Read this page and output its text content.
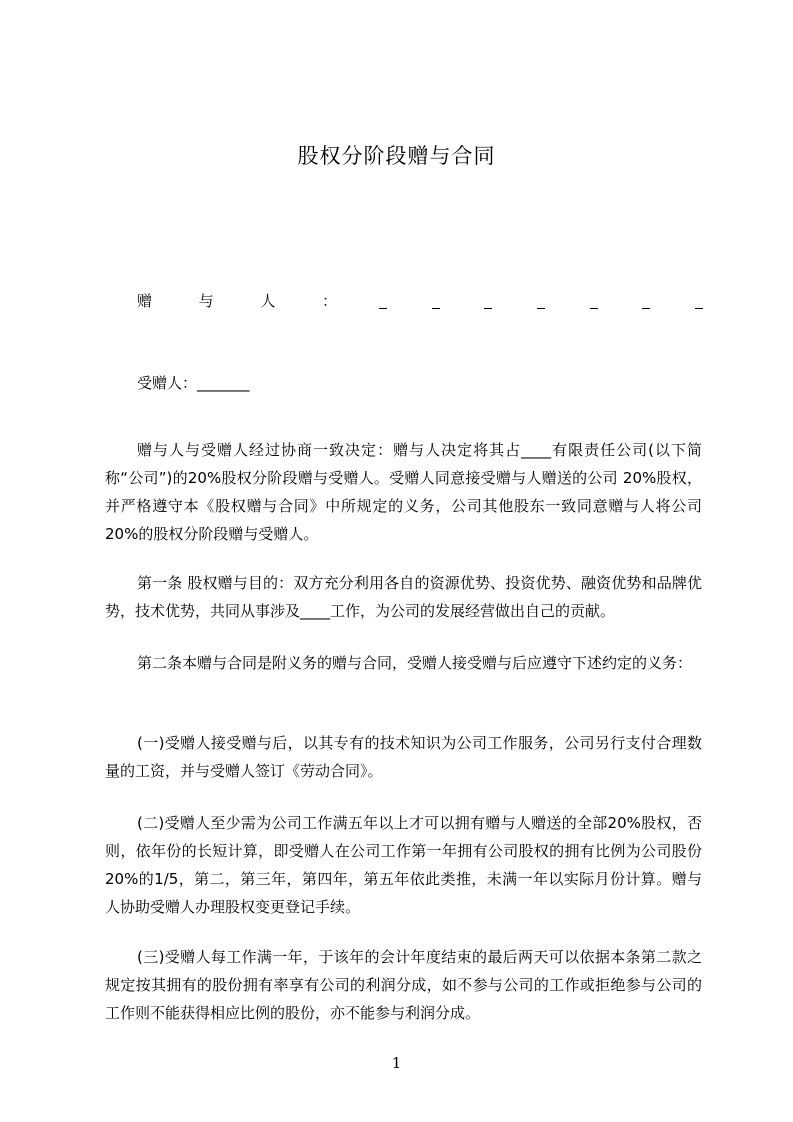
股权分阶段赠与合同
赠	与	人	：
受赠人：_______

赠与人与受赠人经过协商一致决定：赠与人决定将其占____有限责任公司(以下简称“公司”)的20%股权分阶段赠与受赠人。受赠人同意接受赠与人赠送的公司 20%股权，并严格遵守本《股权赠与合同》中所规定的义务，公司其他股东一致同意赠与人将公司20%的股权分阶段赠与受赠人。

第一条 股权赠与目的：双方充分利用各自的资源优势、投资优势、融资优势和品牌优势，技术优势，共同从事涉及____工作，为公司的发展经营做出自己的贡献。

第二条本赠与合同是附义务的赠与合同，受赠人接受赠与后应遵守下述约定的义务：

(一)受赠人接受赠与后，以其专有的技术知识为公司工作服务，公司另行支付合理数量的工资，并与受赠人签订《劳动合同》。

(二)受赠人至少需为公司工作满五年以上才可以拥有赠与人赠送的全部20%股权，否则，依年份的长短计算，即受赠人在公司工作第一年拥有公司股权的拥有比例为公司股份20%的1/5，第二，第三年，第四年，第五年依此类推，未满一年以实际月份计算。赠与人协助受赠人办理股权变更登记手续。

(三)受赠人每工作满一年，于该年的会计年度结束的最后两天可以依据本条第二款之规定按其拥有的股份拥有率享有公司的利润分成，如不参与公司的工作或拒绝参与公司的工作则不能获得相应比例的股份，亦不能参与利润分成。

1
